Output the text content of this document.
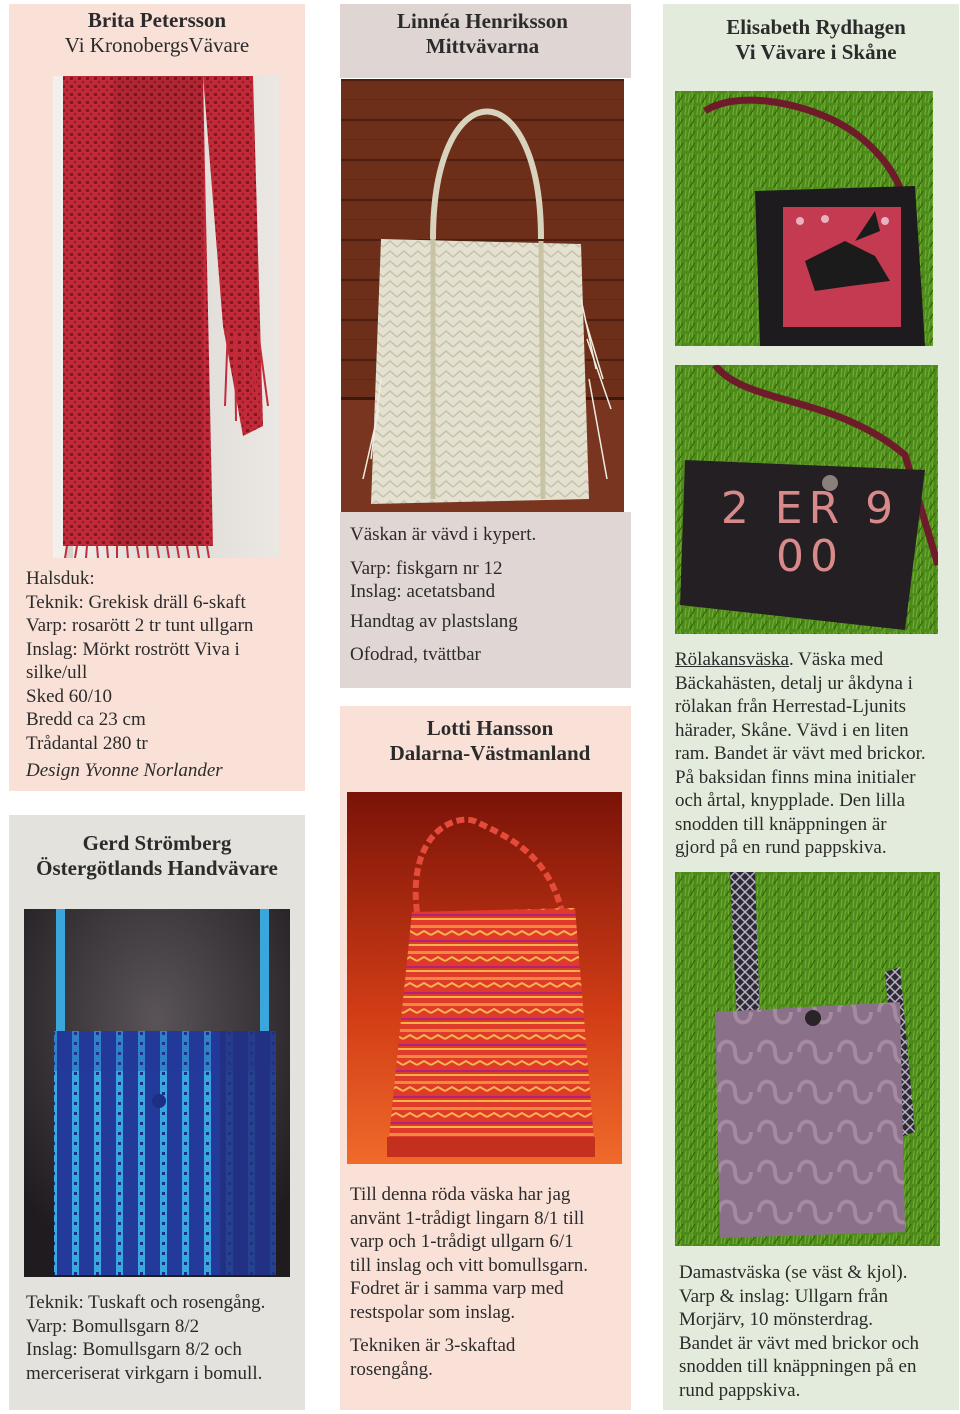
Brita Petersson
Vi KronobergsVävare

Halsduk:

Teknik: Grekisk dräll 6-skaft

Varp: rosarött 2 tr tunt ullgarn

Inslag: Mörkt rostrött Viva i

silke/ull

Sked 60/10

Bredd ca 23 cm

Trådantal 280 tr

Design Yvonne Norlander

Gerd Strömberg
Östergötlands Handvävare

Teknik: Tuskaft och rosengång.

Varp: Bomullsgarn 8/2

Inslag: Bomullsgarn 8/2 och

merceriserat virkgarn i bomull.

Linnéa Henriksson
Mittvävarna

Väskan är vävd i kypert.

Varp: fiskgarn nr 12

Inslag: acetatsband

Handtag av plastslang

Ofodrad, tvättbar

Lotti Hansson
Dalarna-Västmanland

Till denna röda väska har jag

använt 1-trådigt lingarn 8/1 till

varp och 1-trådigt ullgarn 6/1

till inslag och vitt bomullsgarn.

Fodret är i samma varp med

restspolar som inslag.

Tekniken är 3-skaftad

rosengång.

Elisabeth Rydhagen
Vi Vävare i Skåne
2 ER 9
00

Rölakansväska. Väska med

Bäckahästen, detalj ur åkdyna i

rölakan från Herrestad-Ljunits

härader, Skåne. Vävd i en liten

ram. Bandet är vävt med brickor.

På baksidan finns mina initialer

och årtal, knypplade. Den lilla

snodden till knäppningen är

gjord på en rund pappskiva.

Damastväska (se väst & kjol).

Varp & inslag: Ullgarn från

Morjärv, 10 mönsterdrag.

Bandet är vävt med brickor och

snodden till knäppningen på en

rund pappskiva.
